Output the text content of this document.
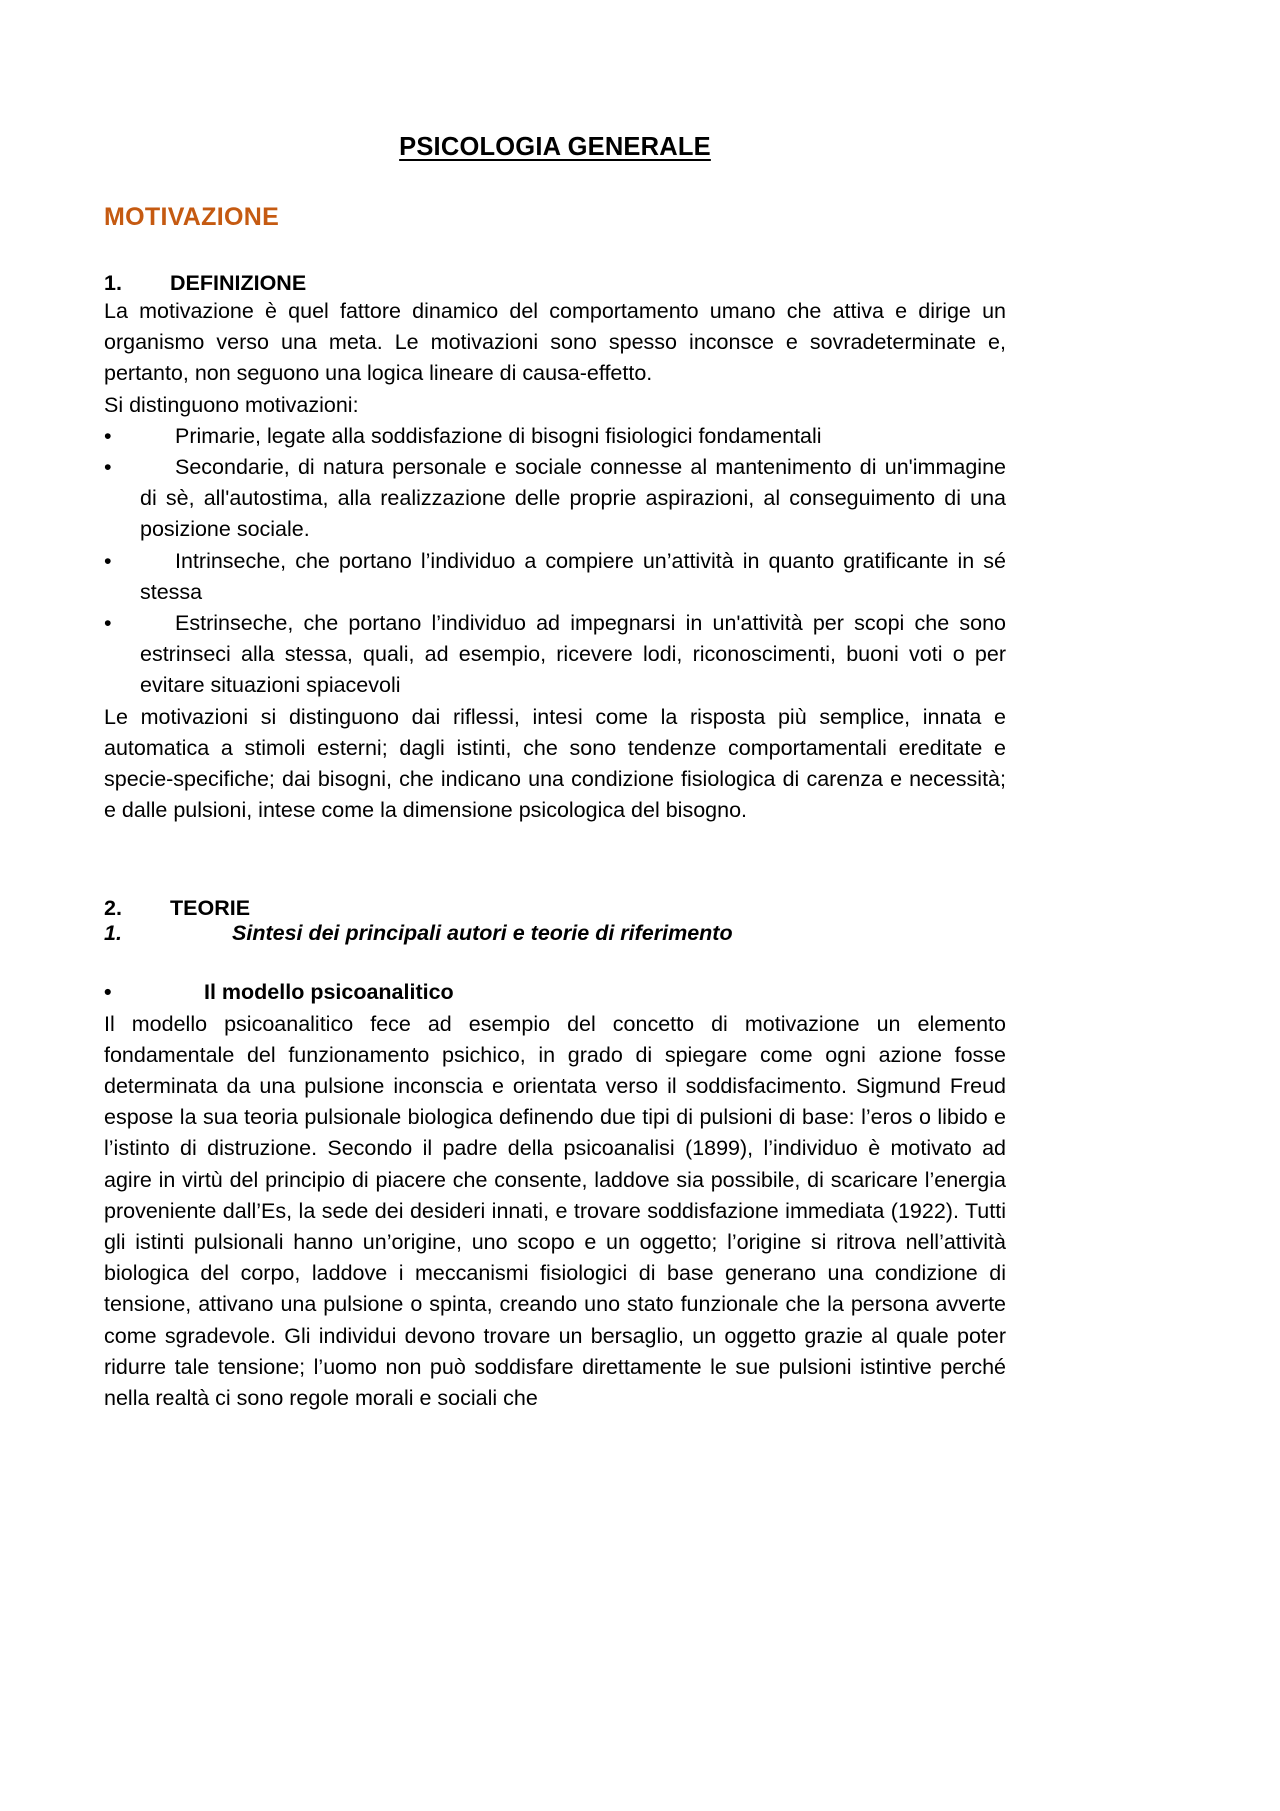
PSICOLOGIA GENERALE
MOTIVAZIONE
1.	DEFINIZIONE

La motivazione è quel fattore dinamico del comportamento umano che attiva e dirige un organismo verso una meta. Le motivazioni sono spesso inconsce e sovradeterminate e, pertanto, non seguono una logica lineare di causa-effetto.

Si distinguono motivazioni:

•	Primarie, legate alla soddisfazione di bisogni fisiologici fondamentali
•	Secondarie, di natura personale e sociale connesse al mantenimento di un'immagine di sè, all'autostima, alla realizzazione delle proprie aspirazioni, al conseguimento di una posizione sociale.
•	Intrinseche, che portano l’individuo a compiere un’attività in quanto gratificante in sé stessa
•	Estrinseche, che portano l’individuo ad impegnarsi in un'attività per scopi che sono estrinseci alla stessa, quali, ad esempio, ricevere lodi, riconoscimenti, buoni voti o per evitare situazioni spiacevoli

Le motivazioni si distinguono dai riflessi, intesi come la risposta più semplice, innata e automatica a stimoli esterni; dagli istinti, che sono tendenze comportamentali ereditate e specie-specifiche; dai bisogni, che indicano una condizione fisiologica di carenza e necessità; e dalle pulsioni, intese come la dimensione psicologica del bisogno.

2.	TEORIE
1.	Sintesi dei principali autori e teorie di riferimento
•	Il modello psicoanalitico

Il modello psicoanalitico fece ad esempio del concetto di motivazione un elemento fondamentale del funzionamento psichico, in grado di spiegare come ogni azione fosse determinata da una pulsione inconscia e orientata verso il soddisfacimento. Sigmund Freud espose la sua teoria pulsionale biologica definendo due tipi di pulsioni di base: l’eros o libido e l’istinto di distruzione. Secondo il padre della psicoanalisi (1899), l’individuo è motivato ad agire in virtù del principio di piacere che consente, laddove sia possibile, di scaricare l’energia proveniente dall’Es, la sede dei desideri innati, e trovare soddisfazione immediata (1922). Tutti gli istinti pulsionali hanno un’origine, uno scopo e un oggetto; l’origine si ritrova nell’attività biologica del corpo, laddove i meccanismi fisiologici di base generano una condizione di tensione, attivano una pulsione o spinta, creando uno stato funzionale che la persona avverte come sgradevole. Gli individui devono trovare un bersaglio, un oggetto grazie al quale poter ridurre tale tensione; l’uomo non può soddisfare direttamente le sue pulsioni istintive perché nella realtà ci sono regole morali e sociali che
